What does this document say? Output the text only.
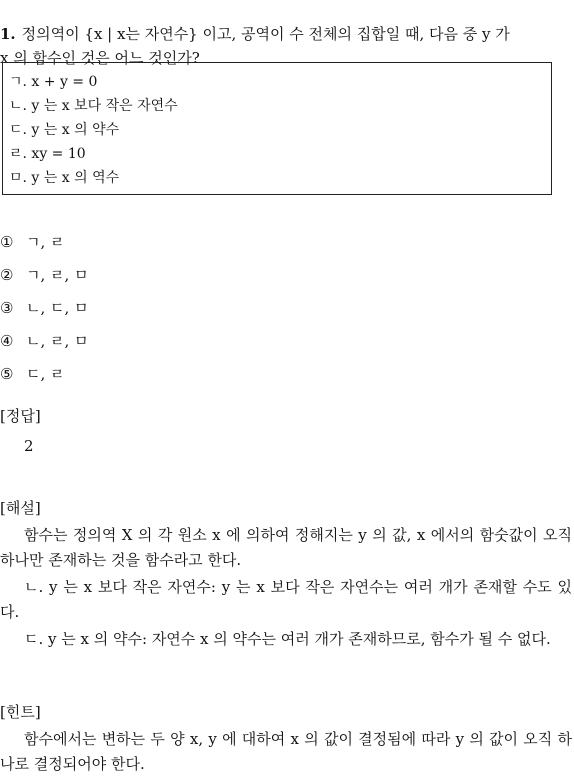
1. 정의역이 {x | x는 자연수} 이고, 공역이 수 전체의 집합일 때, 다음 중 y 가
x 의 함수인 것은 어느 것인가?
ㄱ. x + y = 0
ㄴ. y 는 x 보다 작은 자연수
ㄷ. y 는 x 의 약수
ㄹ. xy = 10
ㅁ. y 는 x 의 역수
① ㄱ, ㄹ
② ㄱ, ㄹ, ㅁ
③ ㄴ, ㄷ, ㅁ
④ ㄴ, ㄹ, ㅁ
⑤ ㄷ, ㄹ
[정답]
2
[해설]
함수는 정의역 X 의 각 원소 x 에 의하여 정해지는 y 의 값, x 에서의 함숫값이 오직 하나만 존재하는 것을 함수라고 한다.
ㄴ. y 는 x 보다 작은 자연수: y 는 x 보다 작은 자연수는 여러 개가 존재할 수도 있다.
ㄷ. y 는 x 의 약수: 자연수 x 의 약수는 여러 개가 존재하므로, 함수가 될 수 없다.
[힌트]
함수에서는 변하는 두 양 x, y 에 대하여 x 의 값이 결정됨에 따라 y 의 값이 오직 하나로 결정되어야 한다.
